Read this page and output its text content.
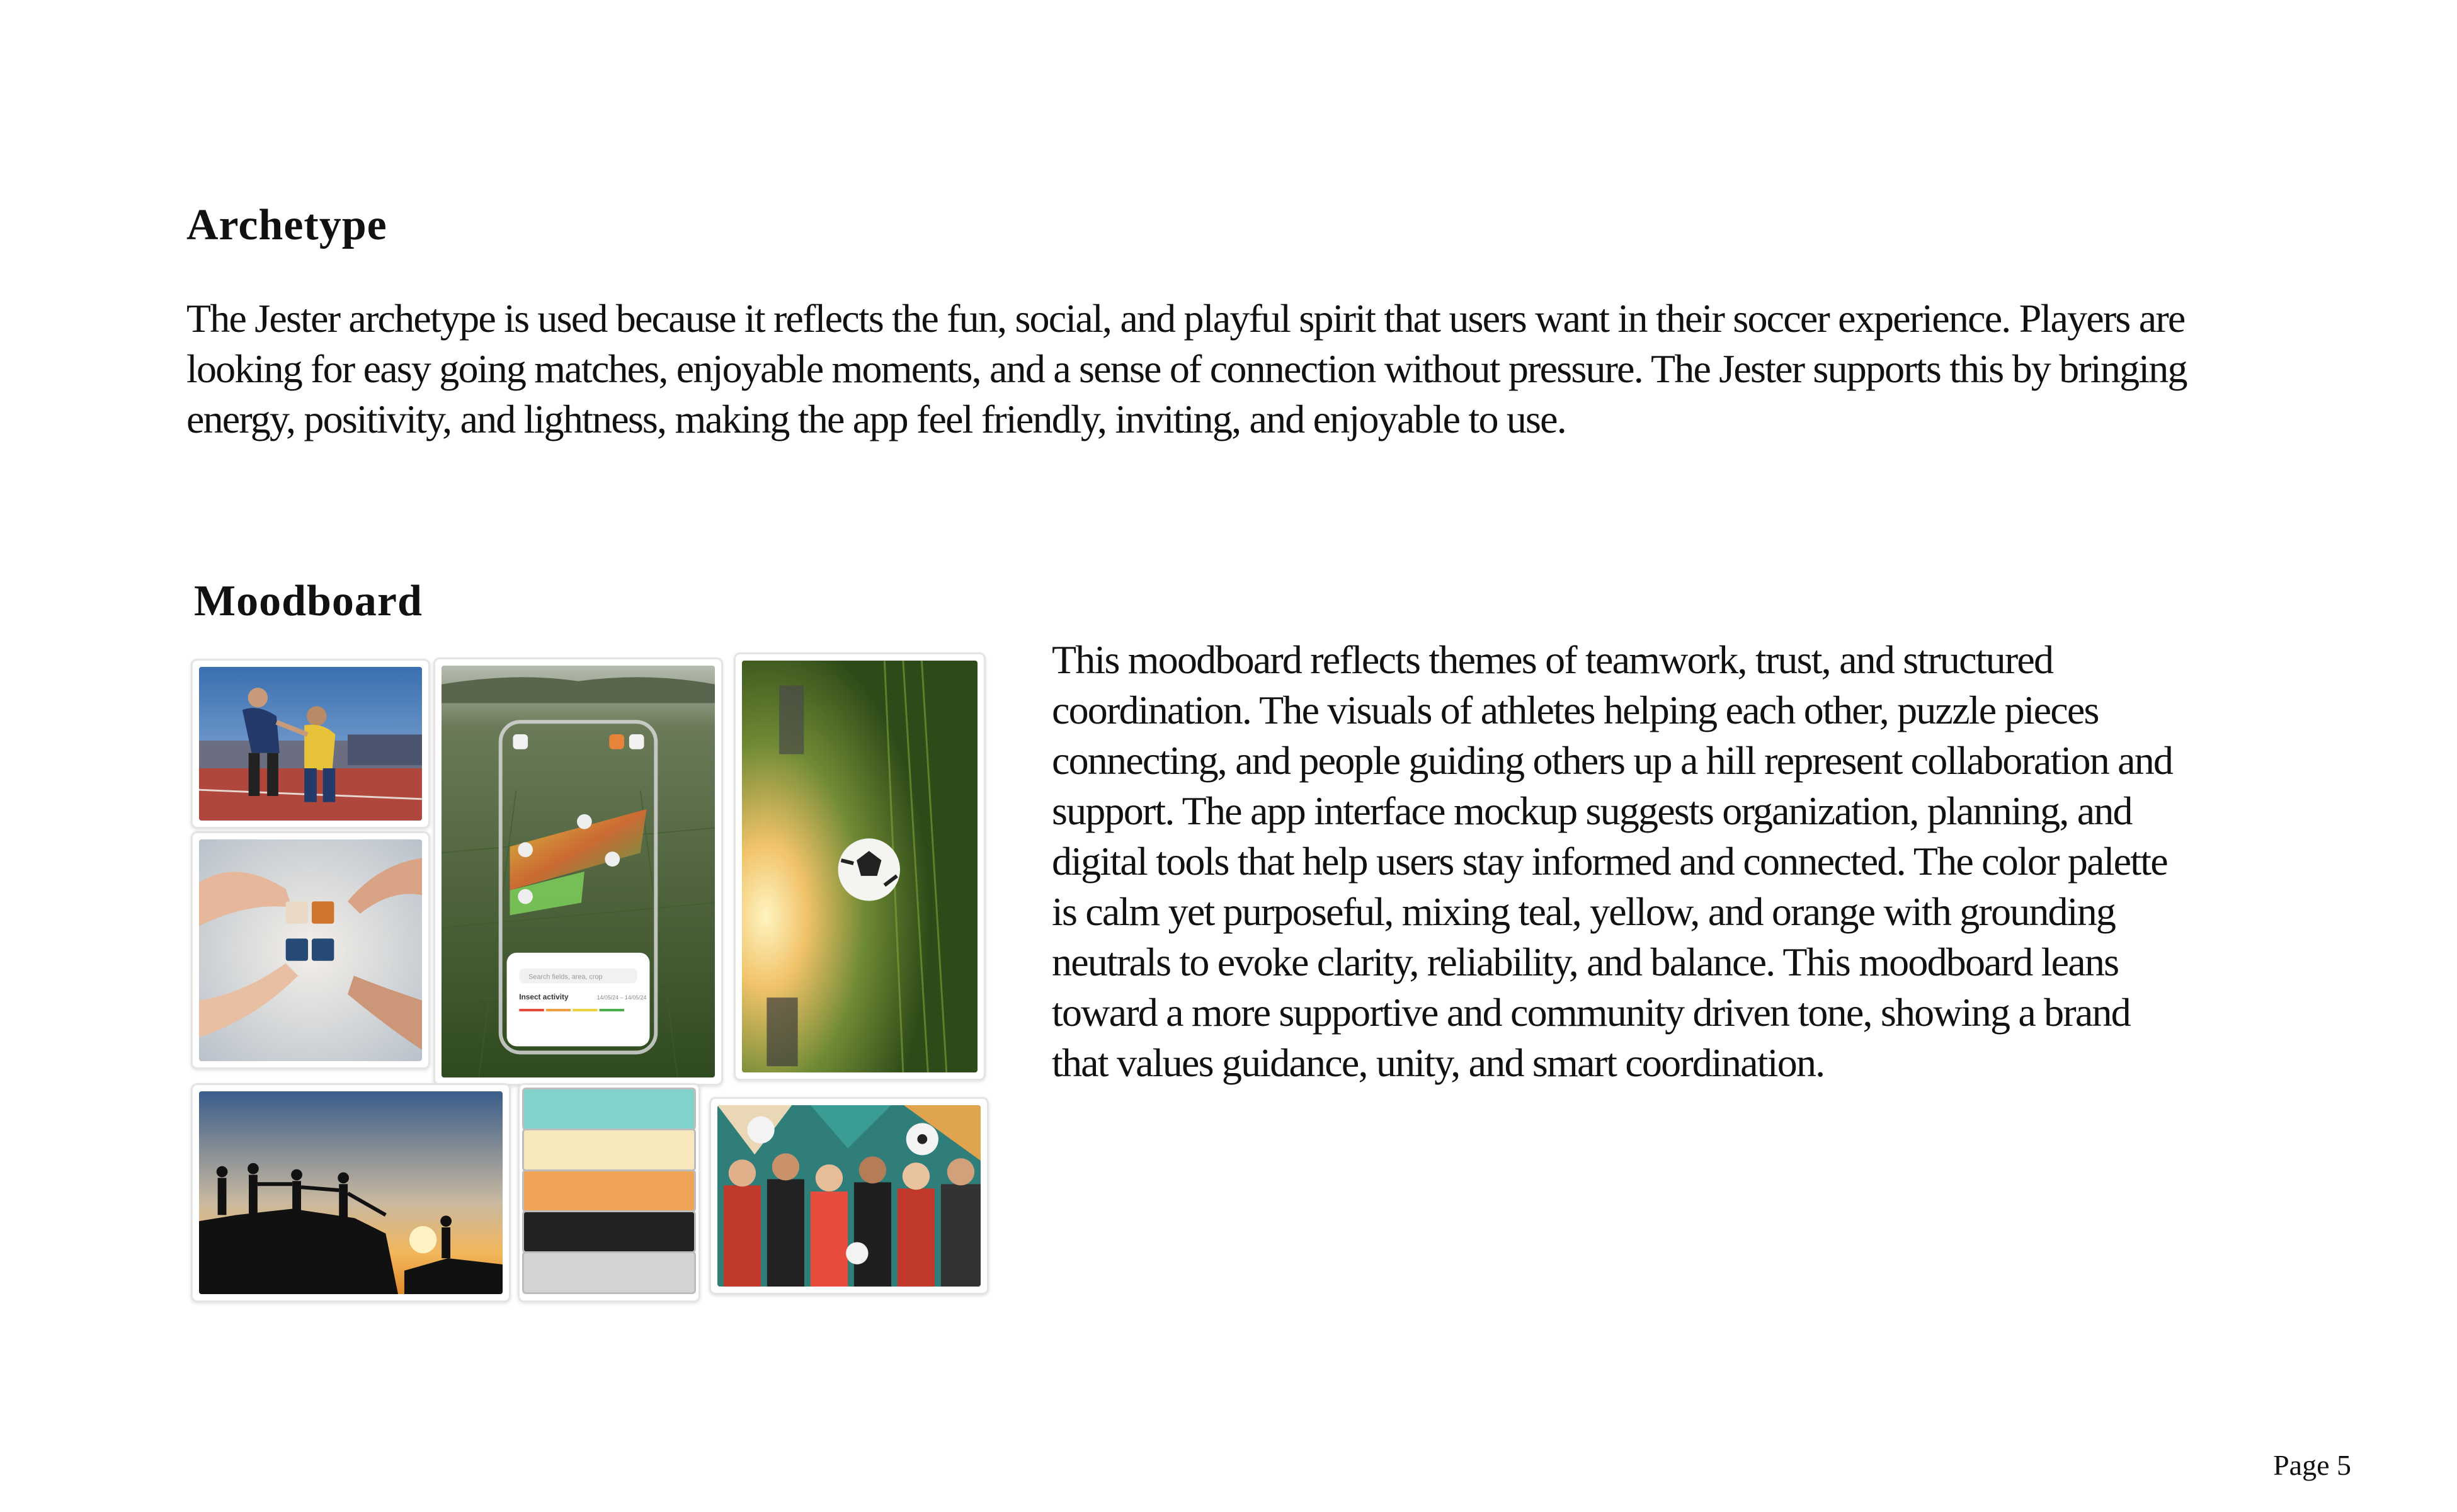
Archetype

The Jester archetype is used because it reflects the fun, social, and playful spirit that users want in their soccer experience. Players are looking for easy going matches, enjoyable moments, and a sense of connection without pressure. The Jester supports this by bringing energy, positivity, and lightness, making the app feel friendly, inviting, and enjoyable to use.

Moodboard
Search fields, area, crop
Insect activity	14/05/24 – 14/05/24

This moodboard reflects themes of teamwork, trust, and structured coordination. The visuals of athletes helping each other, puzzle pieces connecting, and people guiding others up a hill represent collaboration and support. The app interface mockup suggests organization, planning, and digital tools that help users stay informed and connected. The color palette is calm yet purposeful, mixing teal, yellow, and orange with grounding neutrals to evoke clarity, reliability, and balance. This moodboard leans toward a more supportive and community driven tone, showing a brand that values guidance, unity, and smart coordination.

Page 5
